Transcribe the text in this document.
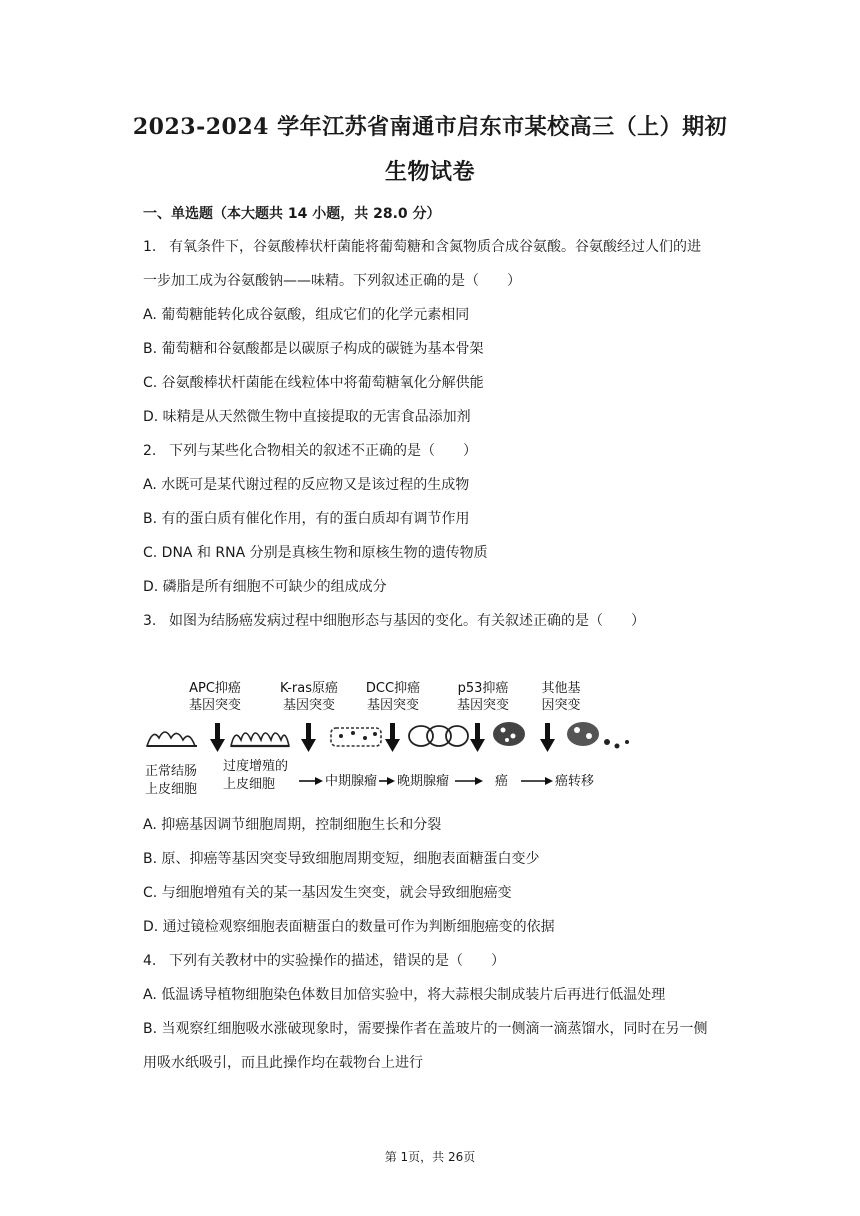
2023-2024 学年江苏省南通市启东市某校高三（上）期初
生物试卷
一、单选题（本大题共 14 小题，共 28.0 分）
1. 有氧条件下，谷氨酸棒状杆菌能将葡萄糖和含氮物质合成谷氨酸。谷氨酸经过人们的进
一步加工成为谷氨酸钠——味精。下列叙述正确的是（　　）
A. 葡萄糖能转化成谷氨酸，组成它们的化学元素相同
B. 葡萄糖和谷氨酸都是以碳原子构成的碳链为基本骨架
C. 谷氨酸棒状杆菌能在线粒体中将葡萄糖氧化分解供能
D. 味精是从天然微生物中直接提取的无害食品添加剂
2. 下列与某些化合物相关的叙述不正确的是（　　）
A. 水既可是某代谢过程的反应物又是该过程的生成物
B. 有的蛋白质有催化作用，有的蛋白质却有调节作用
C. DNA 和 RNA 分别是真核生物和原核生物的遗传物质
D. 磷脂是所有细胞不可缺少的组成成分
3. 如图为结肠癌发病过程中细胞形态与基因的变化。有关叙述正确的是（　　）
APC抑癌
基因突变
K-ras原癌
基因突变
DCC抑癌
基因突变
p53抑癌
基因突变
其他基
因突变
正常结肠
上皮细胞
过度增殖的
上皮细胞	中期腺瘤 晚期腺瘤	癌	癌转移
A. 抑癌基因调节细胞周期，控制细胞生长和分裂
B. 原、抑癌等基因突变导致细胞周期变短，细胞表面糖蛋白变少
C. 与细胞增殖有关的某一基因发生突变，就会导致细胞癌变
D. 通过镜检观察细胞表面糖蛋白的数量可作为判断细胞癌变的依据
4. 下列有关教材中的实验操作的描述，错误的是（　　）
A. 低温诱导植物细胞染色体数目加倍实验中，将大蒜根尖制成装片后再进行低温处理
B. 当观察红细胞吸水涨破现象时，需要操作者在盖玻片的一侧滴一滴蒸馏水，同时在另一侧
用吸水纸吸引，而且此操作均在载物台上进行
第 1页，共 26页
